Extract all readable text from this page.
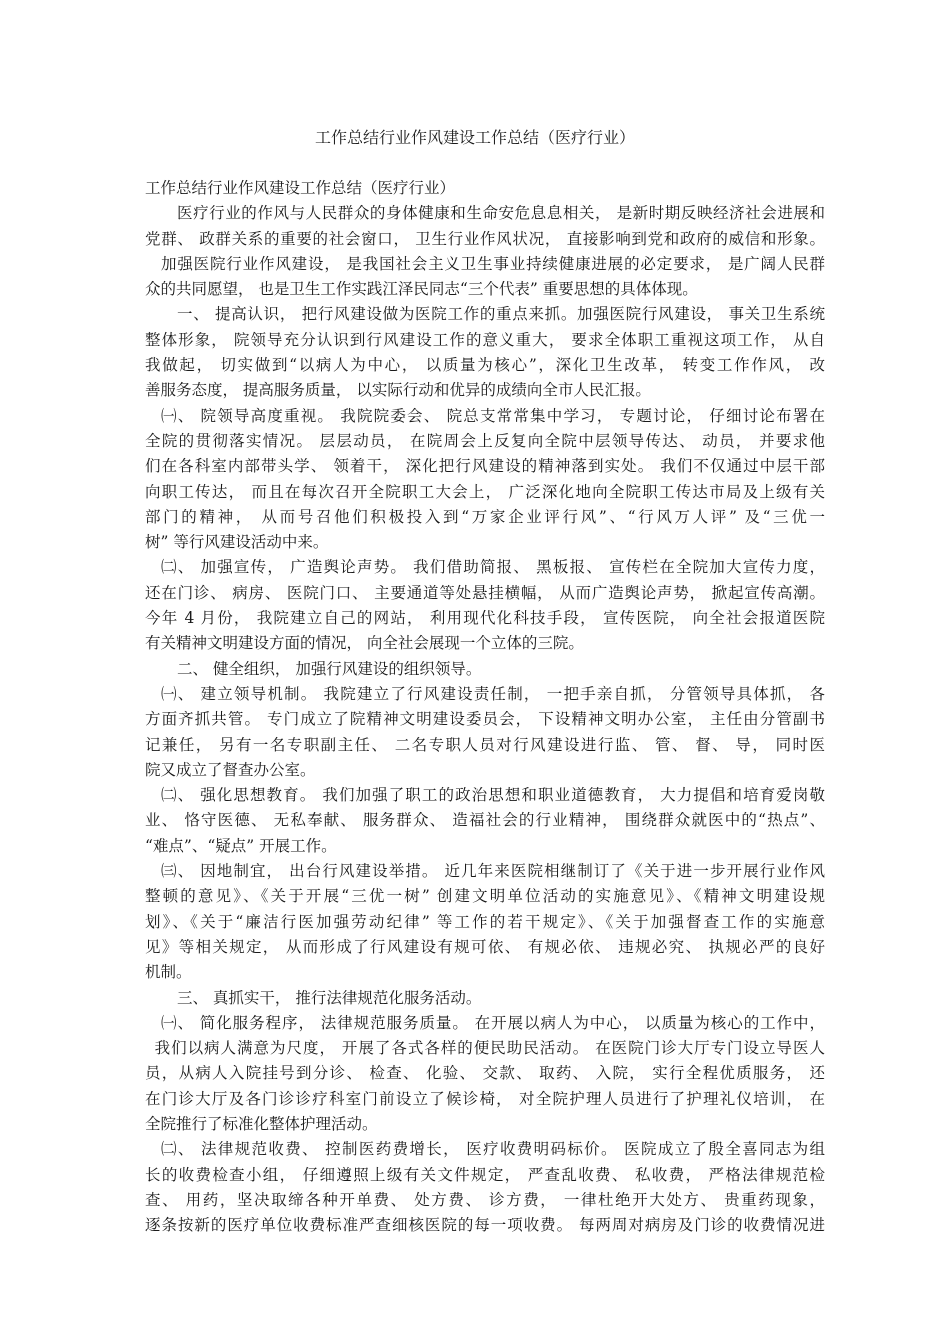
工作总结行业作风建设工作总结（医疗行业）
工作总结行业作风建设工作总结（医疗行业）
医疗行业的作风与人民群众的身体健康和生命安危息息相关， 是新时期反映经济社会进展和
党群、 政群关系的重要的社会窗口， 卫生行业作风状况， 直接影响到党和政府的威信和形象。
加强医院行业作风建设， 是我国社会主义卫生事业持续健康进展的必定要求， 是广阔人民群
众的共同愿望， 也是卫生工作实践江泽民同志“三个代表” 重要思想的具体体现。
一、 提高认识， 把行风建设做为医院工作的重点来抓。加强医院行风建设， 事关卫生系统
整体形象， 院领导充分认识到行风建设工作的意义重大， 要求全体职工重视这项工作， 从自
我做起， 切实做到“以病人为中心， 以质量为核心”，深化卫生改革， 转变工作作风， 改
善服务态度， 提高服务质量， 以实际行动和优异的成绩向全市人民汇报。
㈠、 院领导高度重视。 我院院委会、 院总支常常集中学习， 专题讨论， 仔细讨论布署在
全院的贯彻落实情况。 层层动员， 在院周会上反复向全院中层领导传达、 动员， 并要求他
们在各科室内部带头学、 领着干， 深化把行风建设的精神落到实处。 我们不仅通过中层干部
向职工传达， 而且在每次召开全院职工大会上， 广泛深化地向全院职工传达市局及上级有关
部门的精神， 从而号召他们积极投入到“万家企业评行风”、“行风万人评” 及“三优一
树” 等行风建设活动中来。
㈡、 加强宣传， 广造舆论声势。 我们借助简报、 黑板报、 宣传栏在全院加大宣传力度，
还在门诊、 病房、 医院门口、 主要通道等处悬挂横幅， 从而广造舆论声势， 掀起宣传高潮。
今年 4 月份， 我院建立自己的网站， 利用现代化科技手段， 宣传医院， 向全社会报道医院
有关精神文明建设方面的情况， 向全社会展现一个立体的三院。
二、 健全组织， 加强行风建设的组织领导。
㈠、 建立领导机制。 我院建立了行风建设责任制， 一把手亲自抓， 分管领导具体抓， 各
方面齐抓共管。 专门成立了院精神文明建设委员会， 下设精神文明办公室， 主任由分管副书
记兼任， 另有一名专职副主任、 二名专职人员对行风建设进行监、 管、 督、 导， 同时医
院又成立了督查办公室。
㈡、 强化思想教育。 我们加强了职工的政治思想和职业道德教育， 大力提倡和培育爱岗敬
业、 恪守医德、 无私奉献、 服务群众、 造福社会的行业精神， 围绕群众就医中的“热点”、
“难点”、“疑点” 开展工作。
㈢、 因地制宜， 出台行风建设举措。 近几年来医院相继制订了《关于进一步开展行业作风
整顿的意见》、《关于开展“三优一树” 创建文明单位活动的实施意见》、《精神文明建设规
划》、《关于“廉洁行医加强劳动纪律” 等工作的若干规定》、《关于加强督查工作的实施意
见》等相关规定， 从而形成了行风建设有规可依、 有规必依、 违规必究、 执规必严的良好
机制。
三、 真抓实干， 推行法律规范化服务活动。
㈠、 简化服务程序， 法律规范服务质量。 在开展以病人为中心， 以质量为核心的工作中，
我们以病人满意为尺度， 开展了各式各样的便民助民活动。 在医院门诊大厅专门设立导医人
员，从病人入院挂号到分诊、 检查、 化验、 交款、 取药、 入院， 实行全程优质服务， 还
在门诊大厅及各门诊诊疗科室门前设立了候诊椅， 对全院护理人员进行了护理礼仪培训， 在
全院推行了标准化整体护理活动。
㈡、 法律规范收费、 控制医药费增长， 医疗收费明码标价。 医院成立了殷全喜同志为组
长的收费检查小组， 仔细遵照上级有关文件规定， 严查乱收费、 私收费， 严格法律规范检
查、 用药，坚决取缔各种开单费、 处方费、 诊方费， 一律杜绝开大处方、 贵重药现象，
逐条按新的医疗单位收费标准严查细核医院的每一项收费。 每两周对病房及门诊的收费情况进
